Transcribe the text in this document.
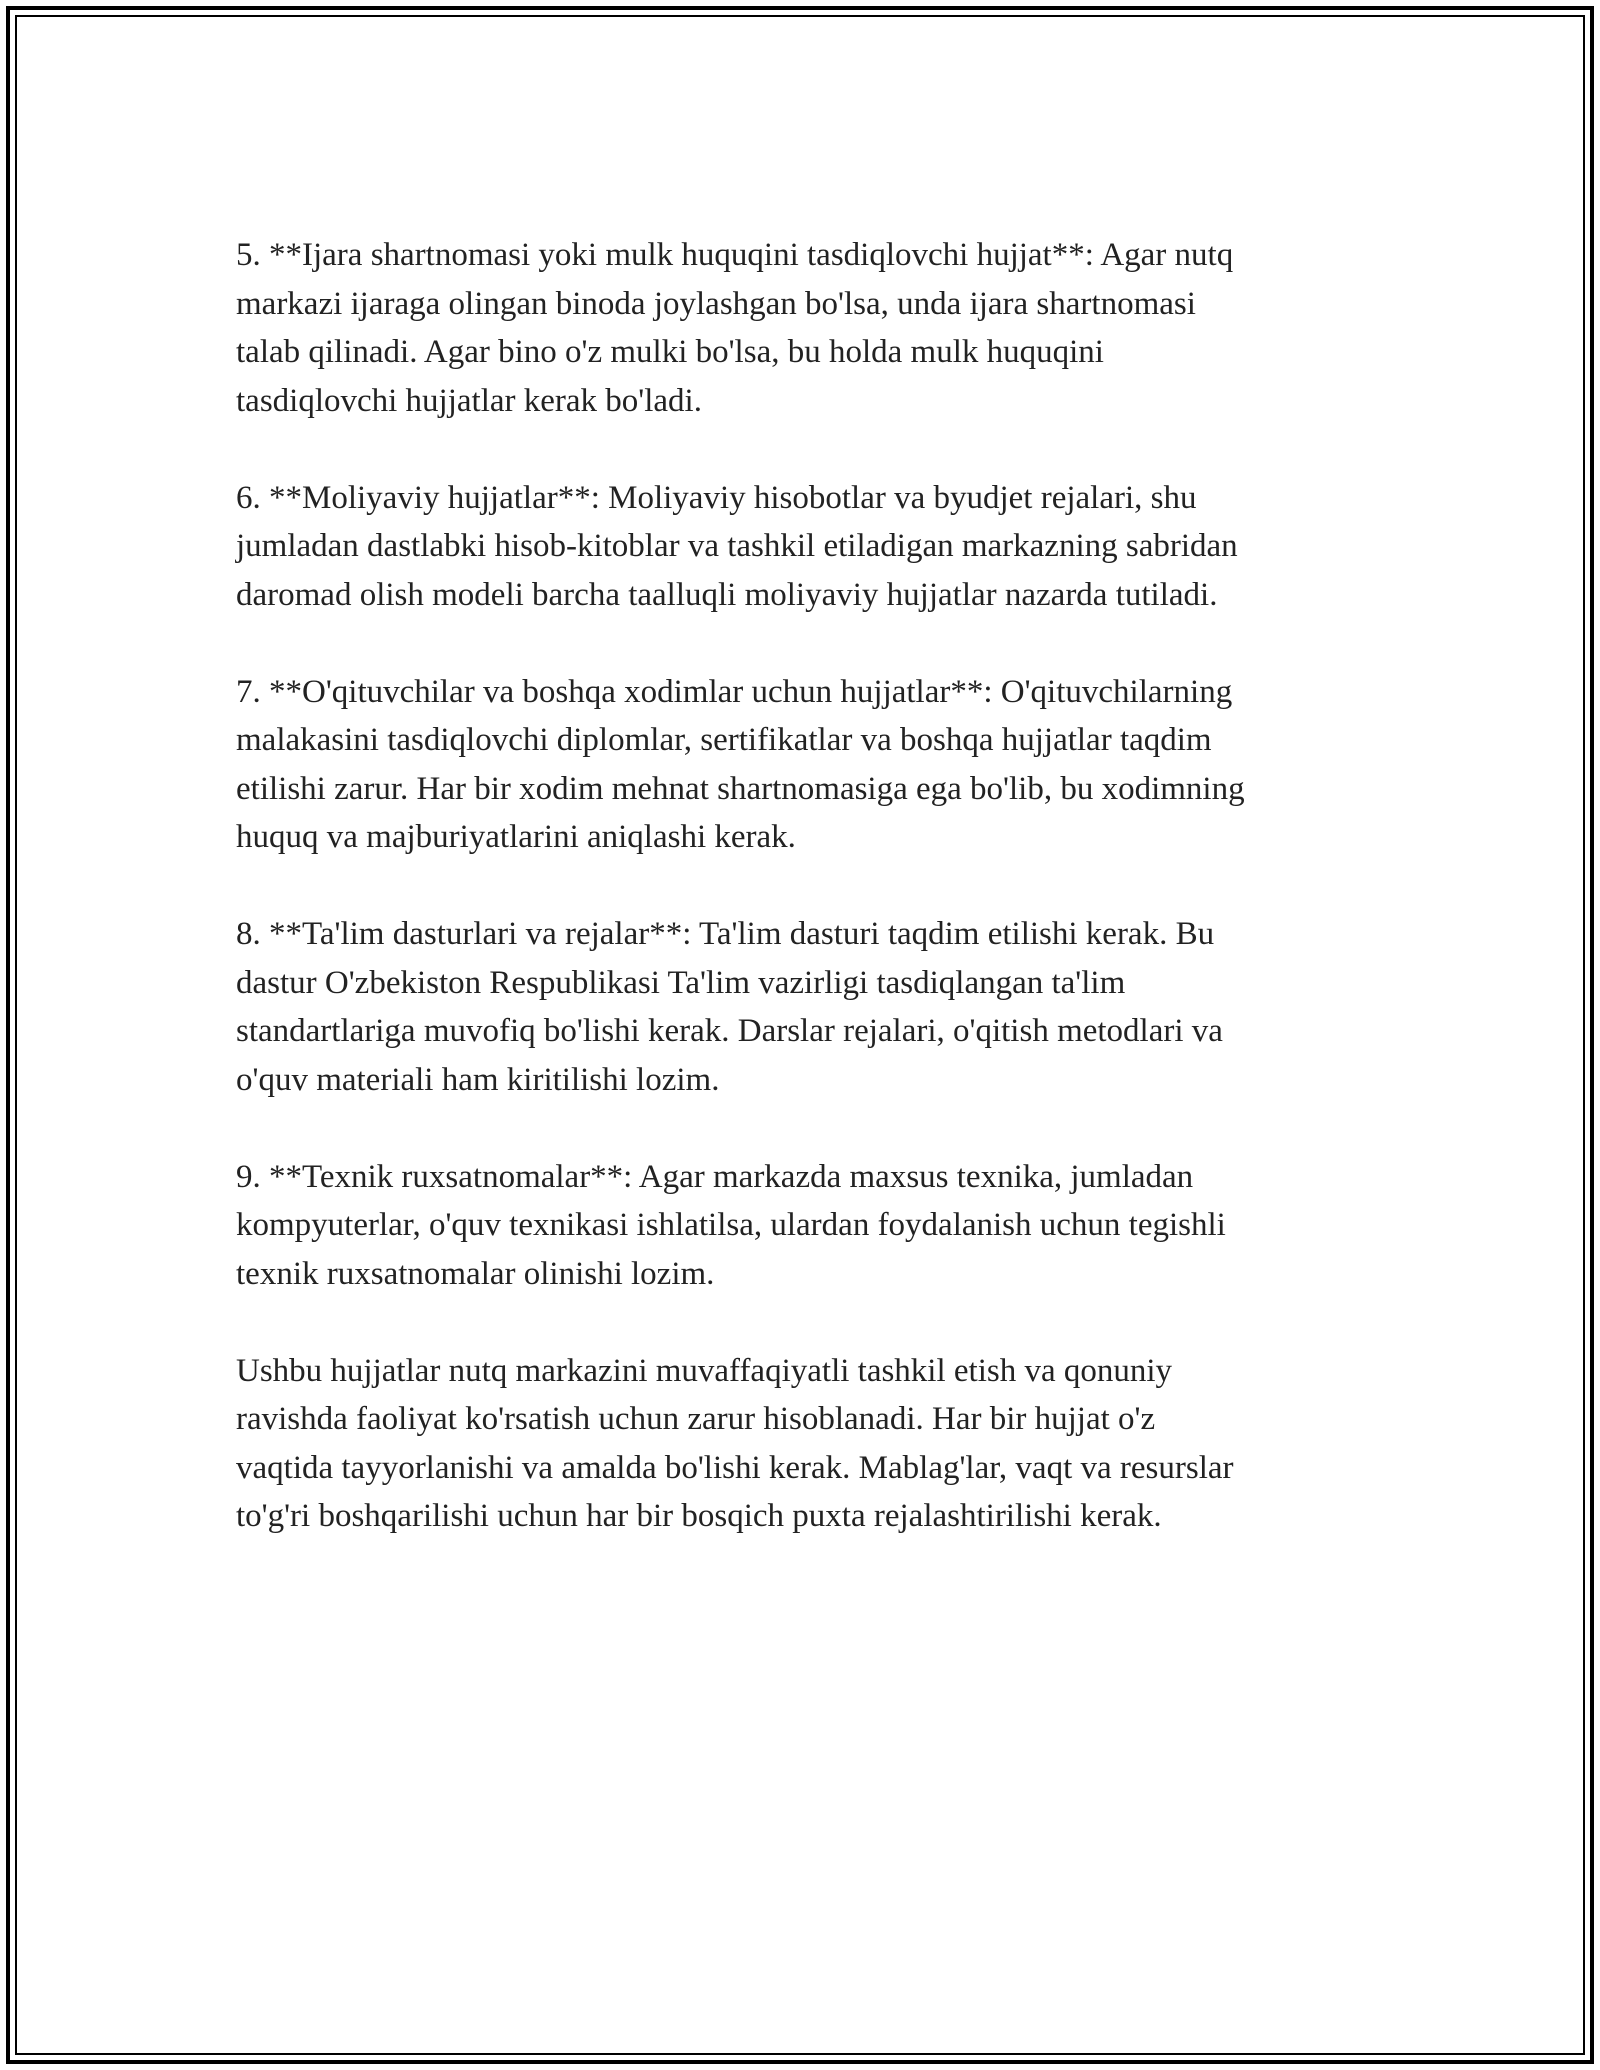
5. **Ijara shartnomasi yoki mulk huquqini tasdiqlovchi hujjat**: Agar nutq
markazi ijaraga olingan binoda joylashgan bo'lsa, unda ijara shartnomasi
talab qilinadi. Agar bino o'z mulki bo'lsa, bu holda mulk huquqini
tasdiqlovchi hujjatlar kerak bo'ladi.

6. **Moliyaviy hujjatlar**: Moliyaviy hisobotlar va byudjet rejalari, shu
jumladan dastlabki hisob-kitoblar va tashkil etiladigan markazning sabridan
daromad olish modeli barcha taalluqli moliyaviy hujjatlar nazarda tutiladi.

7. **O'qituvchilar va boshqa xodimlar uchun hujjatlar**: O'qituvchilarning
malakasini tasdiqlovchi diplomlar, sertifikatlar va boshqa hujjatlar taqdim
etilishi zarur. Har bir xodim mehnat shartnomasiga ega bo'lib, bu xodimning
huquq va majburiyatlarini aniqlashi kerak.

8. **Ta'lim dasturlari va rejalar**: Ta'lim dasturi taqdim etilishi kerak. Bu
dastur O'zbekiston Respublikasi Ta'lim vazirligi tasdiqlangan ta'lim
standartlariga muvofiq bo'lishi kerak. Darslar rejalari, o'qitish metodlari va
o'quv materiali ham kiritilishi lozim.

9. **Texnik ruxsatnomalar**: Agar markazda maxsus texnika, jumladan
kompyuterlar, o'quv texnikasi ishlatilsa, ulardan foydalanish uchun tegishli
texnik ruxsatnomalar olinishi lozim.

Ushbu hujjatlar nutq markazini muvaffaqiyatli tashkil etish va qonuniy
ravishda faoliyat ko'rsatish uchun zarur hisoblanadi. Har bir hujjat o'z
vaqtida tayyorlanishi va amalda bo'lishi kerak. Mablag'lar, vaqt va resurslar
to'g'ri boshqarilishi uchun har bir bosqich puxta rejalashtirilishi kerak.
